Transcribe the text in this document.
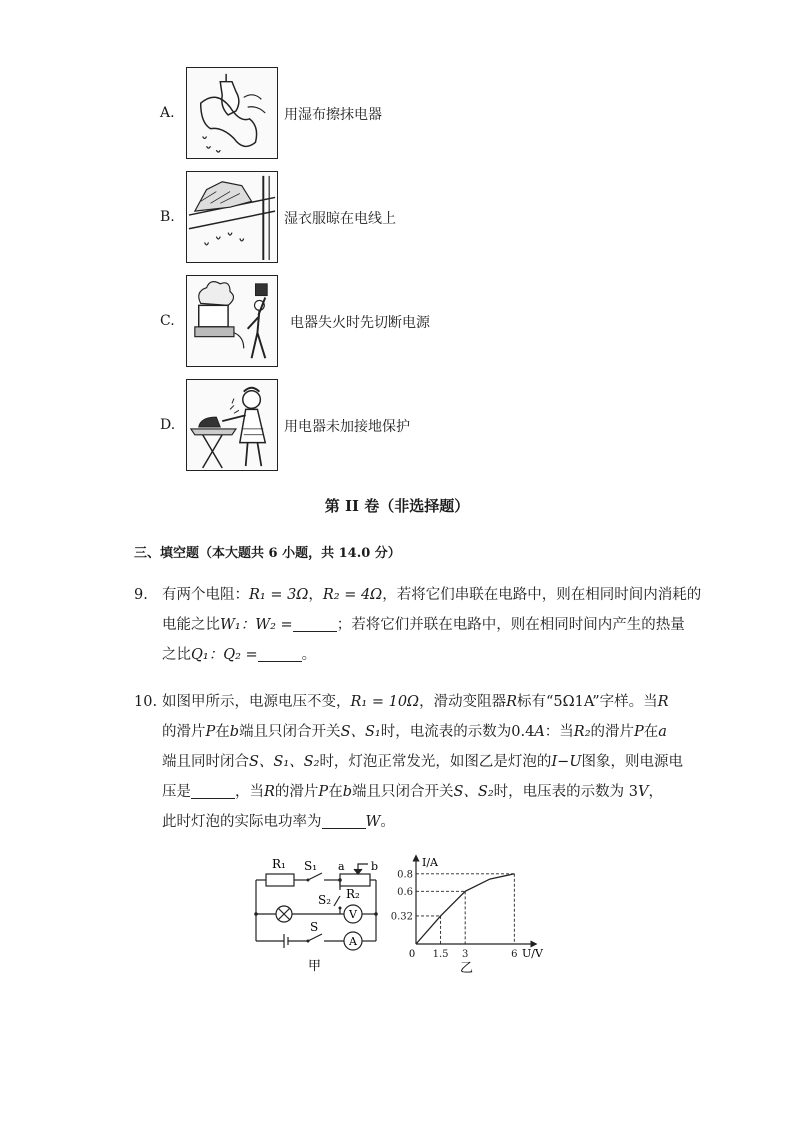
A.	用湿布擦抹电器
B.	湿衣服晾在电线上
C.	电器失火时先切断电源
D.	用电器未加接地保护
第 II 卷（非选择题）
三、填空题（本大题共 6 小题，共 14.0 分）
9. 有两个电阻：R₁ = 3Ω，R₂ = 4Ω，若将它们串联在电路中，则在相同时间内消耗的
电能之比W₁：W₂ =	；若将它们并联在电路中，则在相同时间内产生的热量
之比Q₁：Q₂ =	。
10. 如图甲所示，电源电压不变，R₁ = 10Ω，滑动变阻器R标有“5Ω1A”字样。当R
的滑片P在b端且只闭合开关S、S₁时，电流表的示数为0.4A：当R₂的滑片P在a
端且同时闭合S、S₁、S₂时，灯泡正常发光，如图乙是灯泡的I−U图象，则电源电
压是	，当R的滑片P在b端且只闭合开关S、S₂时，电压表的示数为 3V，
此时灯泡的实际电功率为	W。
R₁ S₁ a b
R₂
S₂
V
S
A
甲
1.5
0.32
3
0.6
6
0.8
I/A
U/V
0
乙
